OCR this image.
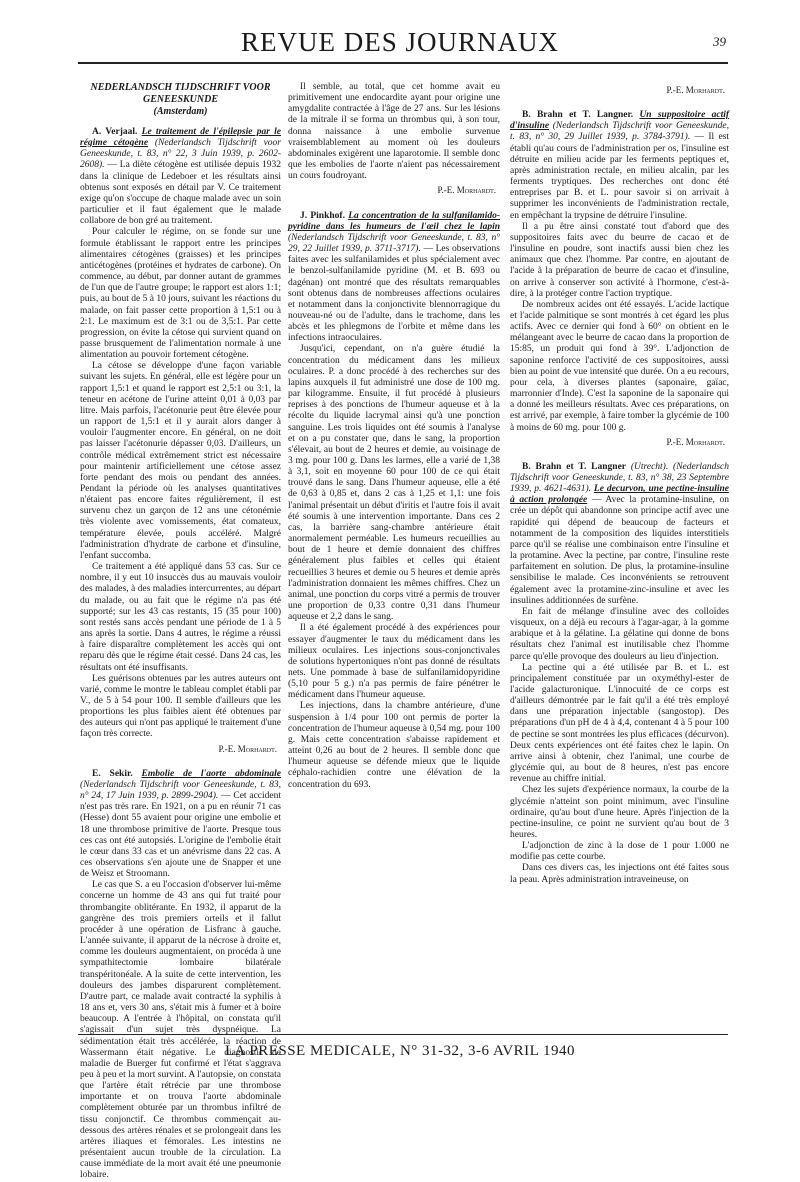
REVUE DES JOURNAUX	39
NEDERLANDSCH TIJDSCHRIFT VOOR GENEESKUNDE
(Amsterdam)

A. Verjaal. Le traitement de l'épilepsie par le régime cétogène (Nederlandsch Tijdschrift voor Geneeskunde, t. 83, n° 22, 3 Juin 1939, p. 2602-2608). — La diète cétogène est utilisée depuis 1932 dans la clinique de Ledeboer et les résultats ainsi obtenus sont exposés en détail par V. Ce traitement exige qu'on s'occupe de chaque malade avec un soin particulier et il faut également que le malade collabore de bon gré au traitement.

Pour calculer le régime, on se fonde sur une formule établissant le rapport entre les principes alimentaires cétogènes (graisses) et les principes anticétogènes (protéines et hydrates de carbone). On commence, au début, par donner autant de grammes de l'un que de l'autre groupe; le rapport est alors 1:1; puis, au bout de 5 à 10 jours, suivant les réactions du malade, on fait passer cette proportion à 1,5:1 ou à 2:1. Le maximum est de 3:1 ou de 3,5:1. Par cette progression, on évite la cétose qui survient quand on passe brusquement de l'alimentation normale à une alimentation au pouvoir fortement cétogène.

La cétose se développe d'une façon variable suivant les sujets. En général, elle est légère pour un rapport 1,5:1 et quand le rapport est 2,5:1 ou 3:1, la teneur en acétone de l'urine atteint 0,01 à 0,03 par litre. Mais parfois, l'acétonurie peut être élevée pour un rapport de 1,5:1 et il y aurait alors danger à vouloir l'augmenter encore. En général, on ne doit pas laisser l'acétonurie dépasser 0,03. D'ailleurs, un contrôle médical extrêmement strict est nécessaire pour maintenir artificiellement une cétose assez forte pendant des mois ou pendant des années. Pendant la période où les analyses quantitatives n'étaient pas encore faites régulièrement, il est survenu chez un garçon de 12 ans une cétonémie très violente avec vomissements, état comateux, température élevée, pouls accéléré. Malgré l'administration d'hydrate de carbone et d'insuline, l'enfant succomba.

Ce traitement a été appliqué dans 53 cas. Sur ce nombre, il y eut 10 insuccès dus au mauvais vouloir des malades, à des maladies intercurrentes, au départ du malade, ou au fait que le régime n'a pas été supporté; sur les 43 cas restants, 15 (35 pour 100) sont restés sans accès pendant une période de 1 à 5 ans après la sortie. Dans 4 autres, le régime a réussi à faire disparaître complètement les accès qui ont reparu dès que le régime était cessé. Dans 24 cas, les résultats ont été insuffisants.

Les guérisons obtenues par les autres auteurs ont varié, comme le montre le tableau complet établi par V., de 5 à 54 pour 100. Il semble d'ailleurs que les proportions les plus faibles aient été obtenues par des auteurs qui n'ont pas appliqué le traitement d'une façon très correcte.

P.-E. Morhardt.

E. Sekir. Embolie de l'aorte abdominale (Nederlandsch Tijdschrift voor Geneeskunde, t. 83, n° 24, 17 Juin 1939, p. 2899-2904). — Cet accident n'est pas très rare. En 1921, on a pu en réunir 71 cas (Hesse) dont 55 avaient pour origine une embolie et 18 une thrombose primitive de l'aorte. Presque tous ces cas ont été autopsiés. L'origine de l'embolie était le cœur dans 33 cas et un anévrisme dans 22 cas. A ces observations s'en ajoute une de Snapper et une de Weisz et Stroomann.

Le cas que S. a eu l'occasion d'observer lui-même concerne un homme de 43 ans qui fut traité pour thrombangite oblitérante. En 1932, il apparut de la gangrène des trois premiers orteils et il fallut procéder à une opération de Lisfranc à gauche. L'année suivante, il apparut de la nécrose à droite et, comme les douleurs augmentaient, on procéda à une sympathitectomie lombaire bilatérale transpéritonéale. A la suite de cette intervention, les douleurs des jambes disparurent complètement. D'autre part, ce malade avait contracté la syphilis à 18 ans et, vers 30 ans, s'était mis à fumer et à boire beaucoup. A l'entrée à l'hôpital, on constata qu'il s'agissait d'un sujet très dyspnéique. La sédimentation était très accélérée, la réaction de Wassermann était négative. Le diagnostic de maladie de Buerger fut confirmé et l'état s'aggrava peu à peu et la mort survint. A l'autopsie, on constata que l'artère était rétrécie par une thrombose importante et on trouva l'aorte abdominale complètement obturée par un thrombus infiltré de tissu conjonctif. Ce thrombus commençait au-dessous des artères rénales et se prolongeait dans les artères iliaques et fémorales. Les intestins ne présentaient aucun trouble de la circulation. La cause immédiate de la mort avait été une pneumonie lobaire.

Il semble, au total, que cet homme avait eu primitivement une endocardite ayant pour origine une amygdalite contractée à l'âge de 27 ans. Sur les lésions de la mitrale il se forma un thrombus qui, à son tour, donna naissance à une embolie survenue vraisemblablement au moment où les douleurs abdominales exigèrent une laparotomie. Il semble donc que les embolies de l'aorte n'aient pas nécessairement un cours foudroyant.

P.-E. Morhardt.

J. Pinkhof. La concentration de la sulfanilamido-pyridine dans les humeurs de l'œil chez le lapin (Nederlandsch Tijdschrift voor Geneeskunde, t. 83, n° 29, 22 Juillet 1939, p. 3711-3717). — Les observations faites avec les sulfanilamides et plus spécialement avec le benzol-sulfanilamide pyridine (M. et B. 693 ou dagénan) ont montré que des résultats remarquables sont obtenus dans de nombreuses affections oculaires et notamment dans la conjonctivite blennorragique du nouveau-né ou de l'adulte, dans le trachome, dans les abcès et les phlegmons de l'orbite et même dans les infections intraoculaires.

Jusqu'ici, cependant, on n'a guère étudié la concentration du médicament dans les milieux oculaires. P. a donc procédé à des recherches sur des lapins auxquels il fut administré une dose de 100 mg. par kilogramme. Ensuite, il fut procédé à plusieurs reprises à des ponctions de l'humeur aqueuse et à la récolte du liquide lacrymal ainsi qu'à une ponction sanguine. Les trois liquides ont été soumis à l'analyse et on a pu constater que, dans le sang, la proportion s'élevait, au bout de 2 heures et demie, au voisinage de 3 mg. pour 100 g. Dans les larmes, elle a varié de 1,38 à 3,1, soit en moyenne 60 pour 100 de ce qui était trouvé dans le sang. Dans l'humeur aqueuse, elle a été de 0,63 à 0,85 et, dans 2 cas à 1,25 et 1,1: une fois l'animal présentait un début d'iritis et l'autre fois il avait été soumis à une intervention importante. Dans ces 2 cas, la barrière sang-chambre antérieure était anormalement perméable. Les humeurs recueillies au bout de 1 heure et demie donnaient des chiffres généralement plus faibles et celles qui étaient recueillies 3 heures et demie ou 5 heures et demie après l'administration donnaient les mêmes chiffres. Chez un animal, une ponction du corps vitré a permis de trouver une proportion de 0,33 contre 0,31 dans l'humeur aqueuse et 2,2 dans le sang.

Il a été également procédé à des expériences pour essayer d'augmenter le taux du médicament dans les milieux oculaires. Les injections sous-conjonctivales de solutions hypertoniques n'ont pas donné de résultats nets. Une pommade à base de sulfanilamidopyridine (5,10 pour 5 g.) n'a pas permis de faire pénétrer le médicament dans l'humeur aqueuse.

Les injections, dans la chambre antérieure, d'une suspension à 1/4 pour 100 ont permis de porter la concentration de l'humeur aqueuse à 0,54 mg. pour 100 g. Mais cette concentration s'abaisse rapidement et atteint 0,26 au bout de 2 heures. Il semble donc que l'humeur aqueuse se défende mieux que le liquide céphalo-rachidien contre une élévation de la concentration du 693.

P.-E. Morhardt.

B. Brahn et T. Langner. Un suppositoire actif d'insuline (Nederlandsch Tijdschrift voor Geneeskunde, t. 83, n° 30, 29 Juillet 1939, p. 3784-3791). — Il est établi qu'au cours de l'administration per os, l'insuline est détruite en milieu acide par les ferments peptiques et, après administration rectale, en milieu alcalin, par les ferments tryptiques. Des recherches ont donc été entreprises par B. et L. pour savoir si on arrivait à supprimer les inconvénients de l'administration rectale, en empêchant la trypsine de détruire l'insuline.

Il a pu être ainsi constaté tout d'abord que des suppositoires faits avec du beurre de cacao et de l'insuline en poudre, sont inactifs aussi bien chez les animaux que chez l'homme. Par contre, en ajoutant de l'acide à la préparation de beurre de cacao et d'insuline, on arrive à conserver son activité à l'hormone, c'est-à-dire, à la protéger contre l'action tryptique.

De nombreux acides ont été essayés. L'acide lactique et l'acide palmitique se sont montrés à cet égard les plus actifs. Avec ce dernier qui fond à 60° on obtient en le mélangeant avec le beurre de cacao dans la proportion de 15:85, un produit qui fond à 39°. L'adjonction de saponine renforce l'activité de ces suppositoires, aussi bien au point de vue intensité que durée. On a eu recours, pour cela, à diverses plantes (saponaire, gaïac, marronnier d'Inde). C'est la saponine de la saponaire qui a donné les meilleurs résultats. Avec ces préparations, on est arrivé, par exemple, à faire tomber la glycémie de 100 à moins de 60 mg. pour 100 g.

P.-E. Morhardt.

B. Brahn et T. Langner (Utrecht). (Nederlandsch Tijdschrift voor Geneeskunde, t. 83, n° 38, 23 Septembre 1939, p. 4621-4631). Le decurvon, une pectine-insuline à action prolongée — Avec la protamine-insuline, on crée un dépôt qui abandonne son principe actif avec une rapidité qui dépend de beaucoup de facteurs et notamment de la composition des liquides interstitiels parce qu'il se réalise une combinaison entre l'insuline et la protamine. Avec la pectine, par contre, l'insuline reste parfaitement en solution. De plus, la protamine-insuline sensibilise le malade. Ces inconvénients se retrouvent également avec la protamine-zinc-insuline et avec les insulines additionnées de surfène.

En fait de mélange d'insuline avec des colloïdes visqueux, on a déjà eu recours à l'agar-agar, à la gomme arabique et à la gélatine. La gélatine qui donne de bons résultats chez l'animal est inutilisable chez l'homme parce qu'elle provoque des douleurs au lieu d'injection.

La pectine qui a été utilisée par B. et L. est principalement constituée par un oxyméthyl-ester de l'acide galacturonique. L'innocuité de ce corps est d'ailleurs démontrée par le fait qu'il a été très employé dans une préparation injectable (sangostop). Des préparations d'un pH de 4 à 4,4, contenant 4 à 5 pour 100 de pectine se sont montrées les plus efficaces (décurvon). Deux cents expériences ont été faites chez le lapin. On arrive ainsi à obtenir, chez l'animal, une courbe de glycémie qui, au bout de 8 heures, n'est pas encore revenue au chiffre initial.

Chez les sujets d'expérience normaux, la courbe de la glycémie n'atteint son point minimum, avec l'insuline ordinaire, qu'au bout d'une heure. Après l'injection de la pectine-insuline, ce point ne survient qu'au bout de 3 heures.

L'adjonction de zinc à la dose de 1 pour 1.000 ne modifie pas cette courbe.

Dans ces divers cas, les injections ont été faites sous la peau. Après administration intraveineuse, on

LA PRESSE MEDICALE, N° 31-32, 3-6 AVRIL 1940
